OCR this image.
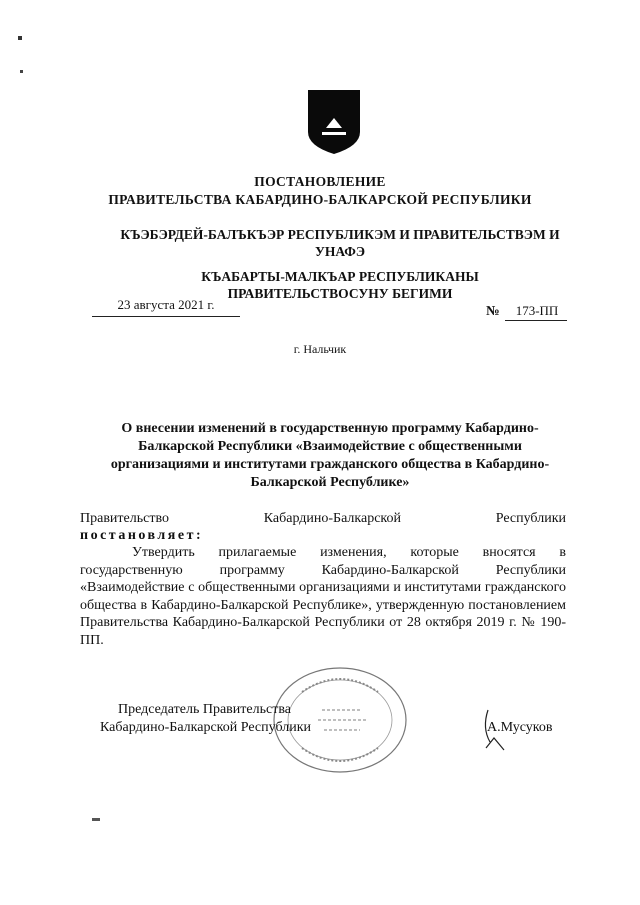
ПОСТАНОВЛЕНИЕ
ПРАВИТЕЛЬСТВА КАБАРДИНО-БАЛКАРСКОЙ РЕСПУБЛИКИ
КЪЭБЭРДЕЙ-БАЛЪКЪЭР РЕСПУБЛИКЭМ И ПРАВИТЕЛЬСТВЭМ И УНАФЭ
КЪАБАРТЫ-МАЛКЪАР РЕСПУБЛИКАНЫ ПРАВИТЕЛЬСТВОСУНУ БЕГИМИ
23 августа 2021 г.	№	173-ПП
г. Нальчик
О внесении изменений в государственную программу Кабардино-Балкарской Республики «Взаимодействие с общественными организациями и институтами гражданского общества в Кабардино-Балкарской Республике»
Правительство	Кабардино-Балкарской	Республики
постановляет:
Утвердить прилагаемые изменения, которые вносятся в государственную программу Кабардино-Балкарской Республики «Взаимодействие с общественными организациями и институтами гражданского общества в Кабардино-Балкарской Республике», утвержденную постановлением Правительства Кабардино-Балкарской Республики от 28 октября 2019 г. № 190-ПП.
Председатель Правительства
Кабардино-Балкарской Республики	А.Мусуков
